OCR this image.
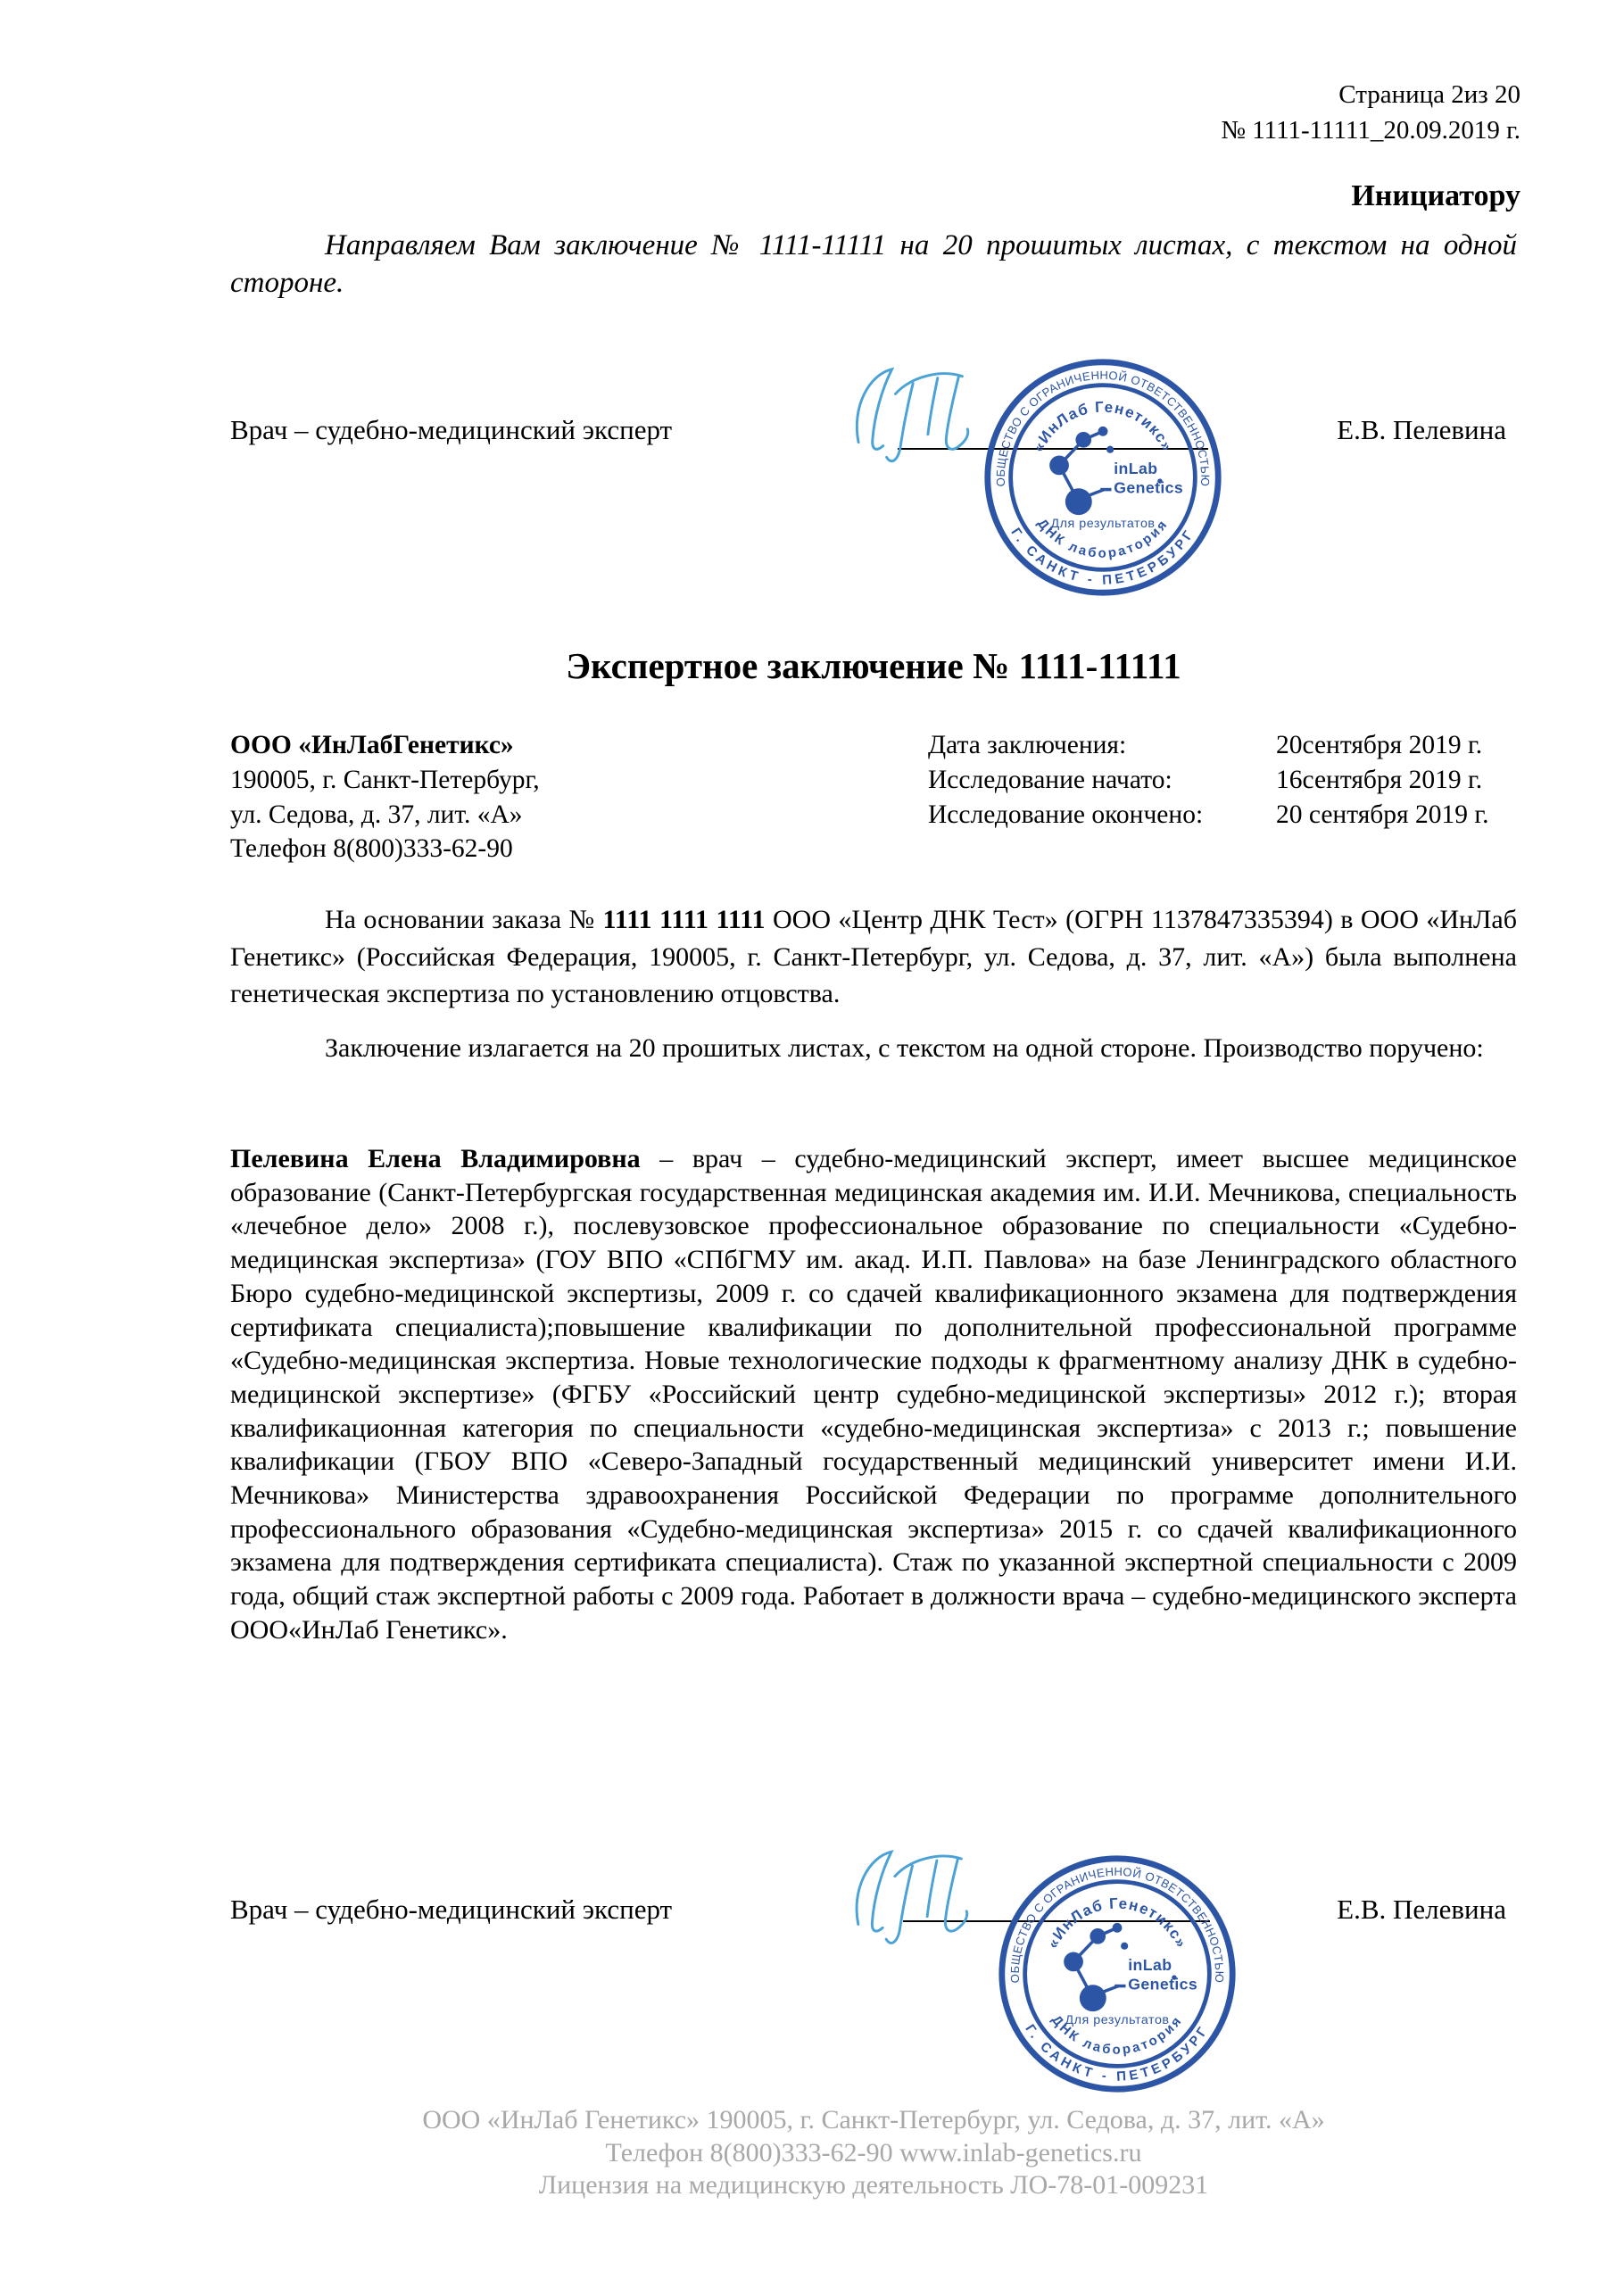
Страница 2из 20
№ 1111-11111_20.09.2019 г.
Инициатору

Направляем Вам заключение № 1111-11111 на 20 прошитых листах, с текстом на одной стороне.

Врач – судебно-медицинский эксперт	Е.В. Пелевина
ОБЩЕСТВО С ОГРАНИЧЕННОЙ ОТВЕТСТВЕННОСТЬЮ
Г. САНКТ - ПЕТЕРБУРГ
«ИнЛаб Генетикс»
ДНК лаборатория
inLab
Genetics
Для результатов
Экспертное заключение № 1111-11111
ООО «ИнЛабГенетикс»
190005, г. Санкт-Петербург,
ул. Седова, д. 37, лит. «А»
Телефон 8(800)333-62-90
Дата заключения:
Исследование начато:
Исследование окончено:
20сентября 2019 г.
16сентября 2019 г.
20 сентября 2019 г.

На основании заказа № 1111 1111 1111 ООО «Центр ДНК Тест» (ОГРН 1137847335394) в ООО «ИнЛаб Генетикс» (Российская Федерация, 190005, г. Санкт-Петербург, ул. Седова, д. 37, лит. «А») была выполнена генетическая экспертиза по установлению отцовства.

Заключение излагается на 20 прошитых листах, с текстом на одной стороне. Производство поручено:

Пелевина Елена Владимировна – врач – судебно-медицинский эксперт, имеет высшее медицинское образование (Санкт-Петербургская государственная медицинская академия им. И.И. Мечникова, специальность «лечебное дело» 2008 г.), послевузовское профессиональное образование по специальности «Судебно-медицинская экспертиза» (ГОУ ВПО «СПбГМУ им. акад. И.П. Павлова» на базе Ленинградского областного Бюро судебно-медицинской экспертизы, 2009 г. со сдачей квалификационного экзамена для подтверждения сертификата специалиста);повышение квалификации по дополнительной профессиональной программе «Судебно-медицинская экспертиза. Новые технологические подходы к фрагментному анализу ДНК в судебно-медицинской экспертизе» (ФГБУ «Российский центр судебно-медицинской экспертизы» 2012 г.); вторая квалификационная категория по специальности «судебно-медицинская экспертиза» с 2013 г.; повышение квалификации (ГБОУ ВПО «Северо-Западный государственный медицинский университет имени И.И. Мечникова» Министерства здравоохранения Российской Федерации по программе дополнительного профессионального образования «Судебно-медицинская экспертиза» 2015 г. со сдачей квалификационного экзамена для подтверждения сертификата специалиста). Стаж по указанной экспертной специальности с 2009 года, общий стаж экспертной работы с 2009 года. Работает в должности врача – судебно-медицинского эксперта ООО«ИнЛаб Генетикс».

Врач – судебно-медицинский эксперт	Е.В. Пелевина
ОБЩЕСТВО С ОГРАНИЧЕННОЙ ОТВЕТСТВЕННОСТЬЮ
Г. САНКТ - ПЕТЕРБУРГ
«ИнЛаб Генетикс»
ДНК лаборатория
inLab
Genetics
Для результатов
ООО «ИнЛаб Генетикс» 190005, г. Санкт-Петербург, ул. Седова, д. 37, лит. «А»
Телефон 8(800)333-62-90 www.inlab-genetics.ru
Лицензия на медицинскую деятельность ЛО-78-01-009231
